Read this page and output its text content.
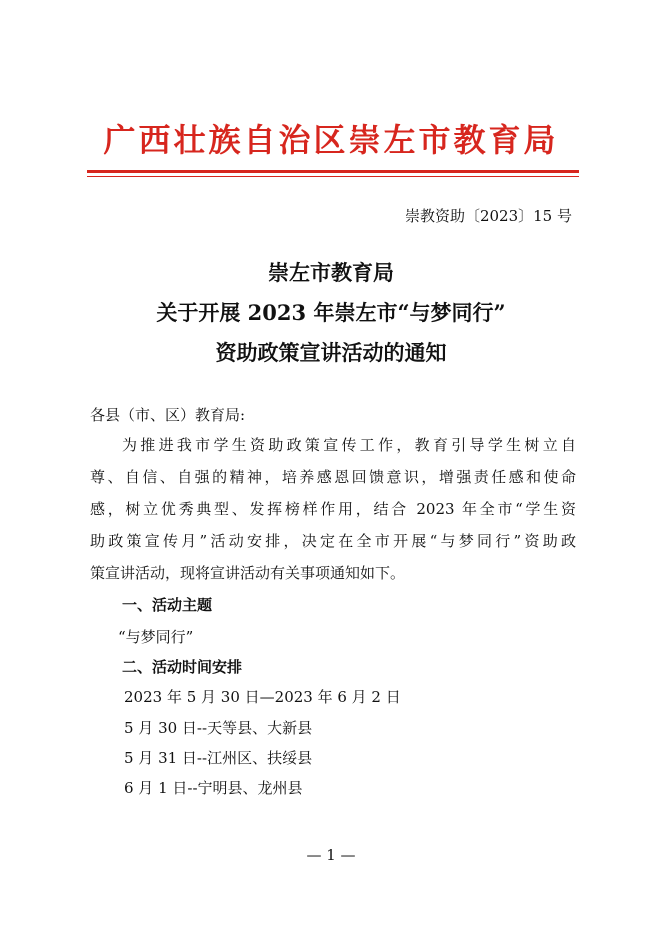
广西壮族自治区崇左市教育局
崇教资助〔2023〕15 号
崇左市教育局
关于开展 2023 年崇左市“与梦同行”
资助政策宣讲活动的通知
各县（市、区）教育局:
为推进我市学生资助政策宣传工作，教育引导学生树立自
尊、自信、自强的精神，培养感恩回馈意识，增强责任感和使命
感，树立优秀典型、发挥榜样作用，结合 2023 年全市“学生资
助政策宣传月”活动安排，决定在全市开展“与梦同行”资助政
策宣讲活动，现将宣讲活动有关事项通知如下。
一、活动主题
“与梦同行”
二、活动时间安排
2023 年 5 月 30 日—2023 年 6 月 2 日
5 月 30 日--天等县、大新县
5 月 31 日--江州区、扶绥县
6 月 1 日--宁明县、龙州县
— 1 —
